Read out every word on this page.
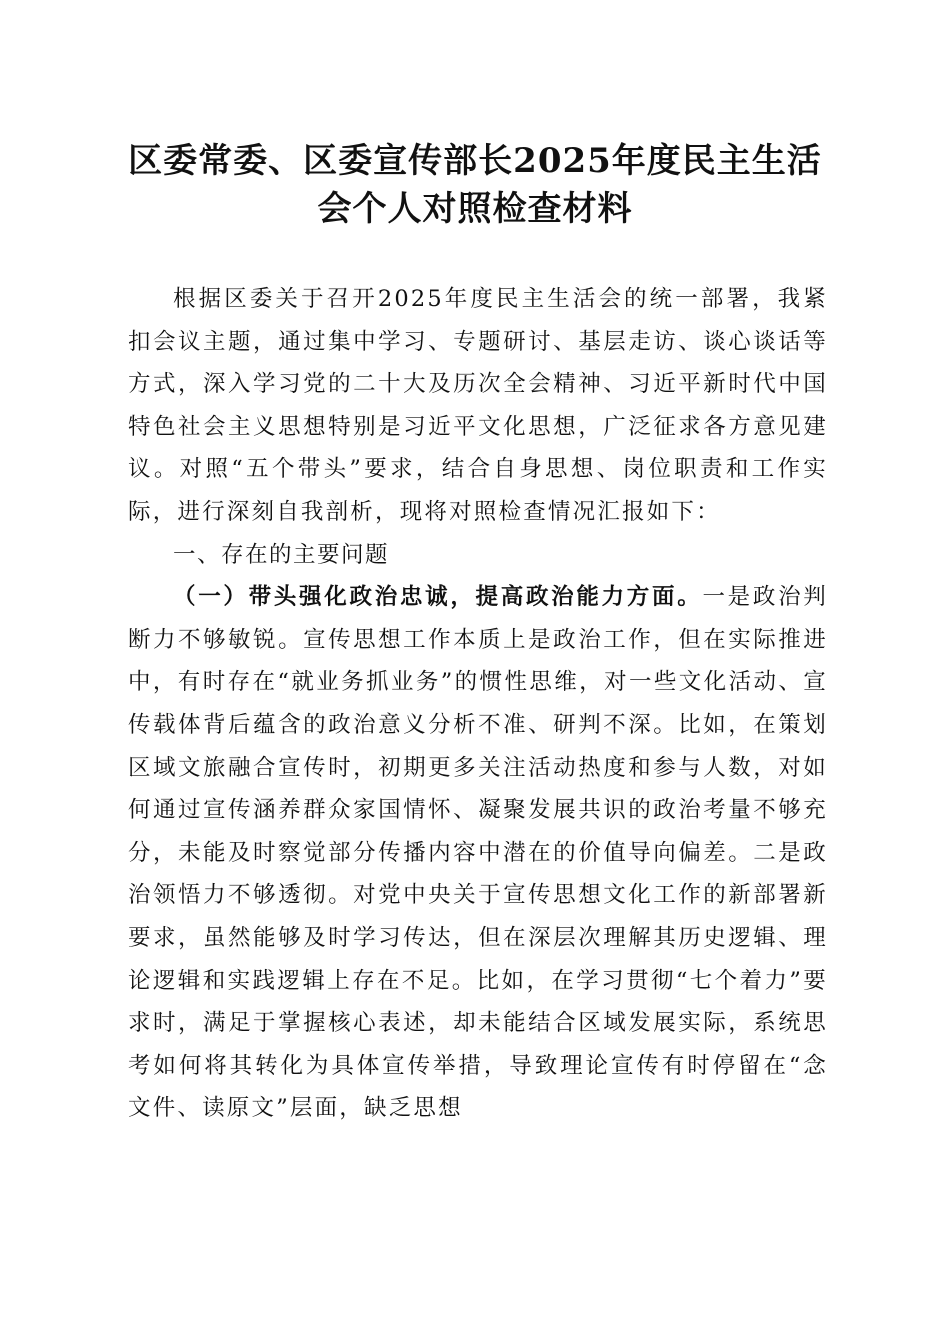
区委常委、区委宣传部长2025年度民主生活
会个人对照检查材料

根据区委关于召开2025年度民主生活会的统一部署，我紧扣会议主题，通过集中学习、专题研讨、基层走访、谈心谈话等方式，深入学习党的二十大及历次全会精神、习近平新时代中国特色社会主义思想特别是习近平文化思想，广泛征求各方意见建议。对照“五个带头”要求，结合自身思想、岗位职责和工作实际，进行深刻自我剖析，现将对照检查情况汇报如下：

一、存在的主要问题

（一）带头强化政治忠诚，提高政治能力方面。一是政治判断力不够敏锐。宣传思想工作本质上是政治工作，但在实际推进中，有时存在“就业务抓业务”的惯性思维，对一些文化活动、宣传载体背后蕴含的政治意义分析不准、研判不深。比如，在策划区域文旅融合宣传时，初期更多关注活动热度和参与人数，对如何通过宣传涵养群众家国情怀、凝聚发展共识的政治考量不够充分，未能及时察觉部分传播内容中潜在的价值导向偏差。二是政治领悟力不够透彻。对党中央关于宣传思想文化工作的新部署新要求，虽然能够及时学习传达，但在深层次理解其历史逻辑、理论逻辑和实践逻辑上存在不足。比如，在学习贯彻“七个着力”要求时，满足于掌握核心表述，却未能结合区域发展实际，系统思考如何将其转化为具体宣传举措，导致理论宣传有时停留在“念文件、读原文”层面，缺乏思想
